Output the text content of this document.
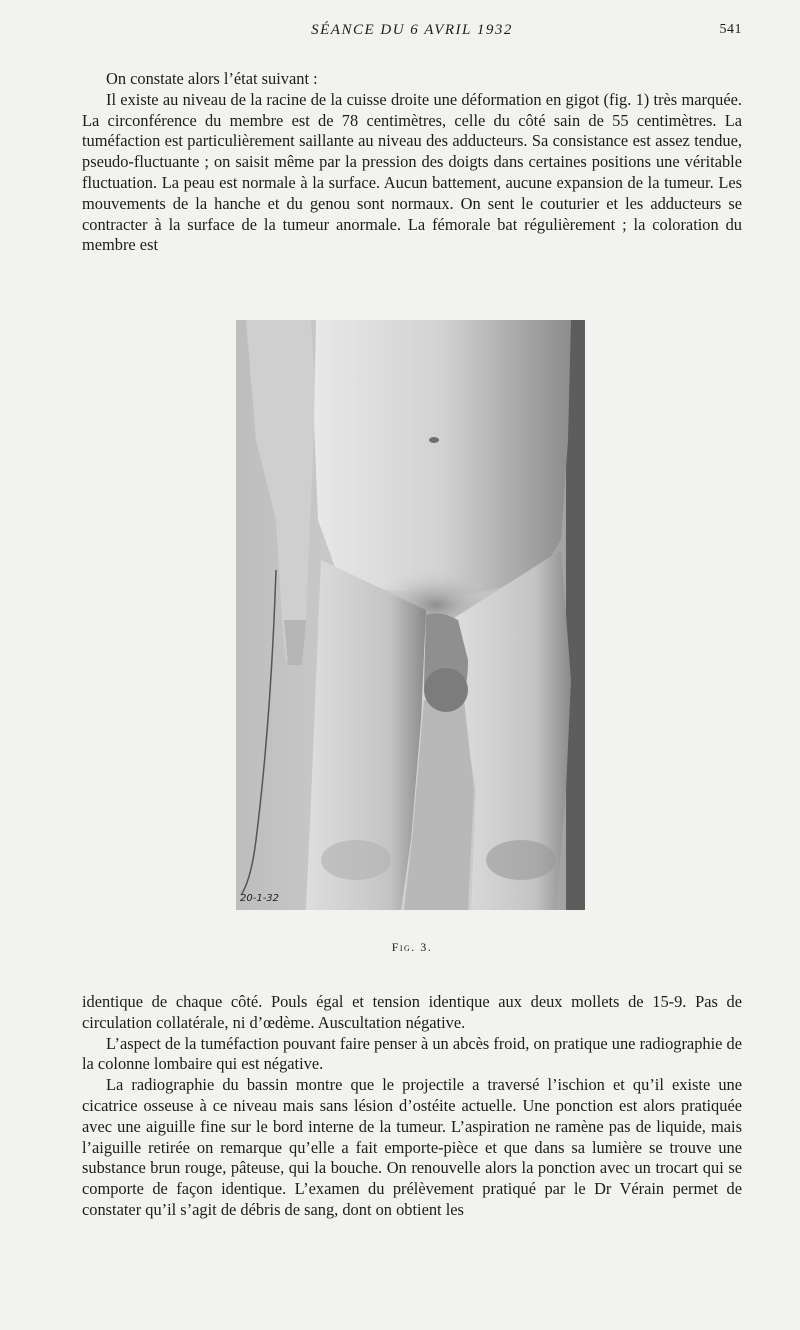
SÉANCE DU 6 AVRIL 1932	541

On constate alors l’état suivant :

Il existe au niveau de la racine de la cuisse droite une déformation en gigot (fig. 1) très marquée. La circonférence du membre est de 78 centimètres, celle du côté sain de 55 centimètres. La tuméfaction est particulièrement saillante au niveau des adducteurs. Sa consistance est assez tendue, pseudo-fluctuante ; on saisit même par la pression des doigts dans certaines positions une véritable fluctuation. La peau est normale à la surface. Aucun battement, aucune expansion de la tumeur. Les mouvements de la hanche et du genou sont normaux. On sent le couturier et les adducteurs se contracter à la surface de la tumeur anormale. La fémorale bat régulièrement ; la coloration du membre est

20-1-32
Fig. 3.

identique de chaque côté. Pouls égal et tension identique aux deux mollets de 15-9. Pas de circulation collatérale, ni d’œdème. Auscultation négative.

L’aspect de la tuméfaction pouvant faire penser à un abcès froid, on pratique une radiographie de la colonne lombaire qui est négative.

La radiographie du bassin montre que le projectile a traversé l’ischion et qu’il existe une cicatrice osseuse à ce niveau mais sans lésion d’ostéite actuelle. Une ponction est alors pratiquée avec une aiguille fine sur le bord interne de la tumeur. L’aspiration ne ramène pas de liquide, mais l’aiguille retirée on remarque qu’elle a fait emporte-pièce et que dans sa lumière se trouve une substance brun rouge, pâteuse, qui la bouche. On renouvelle alors la ponction avec un trocart qui se comporte de façon identique. L’examen du prélèvement pratiqué par le Dr Vérain permet de constater qu’il s’agit de débris de sang, dont on obtient les
